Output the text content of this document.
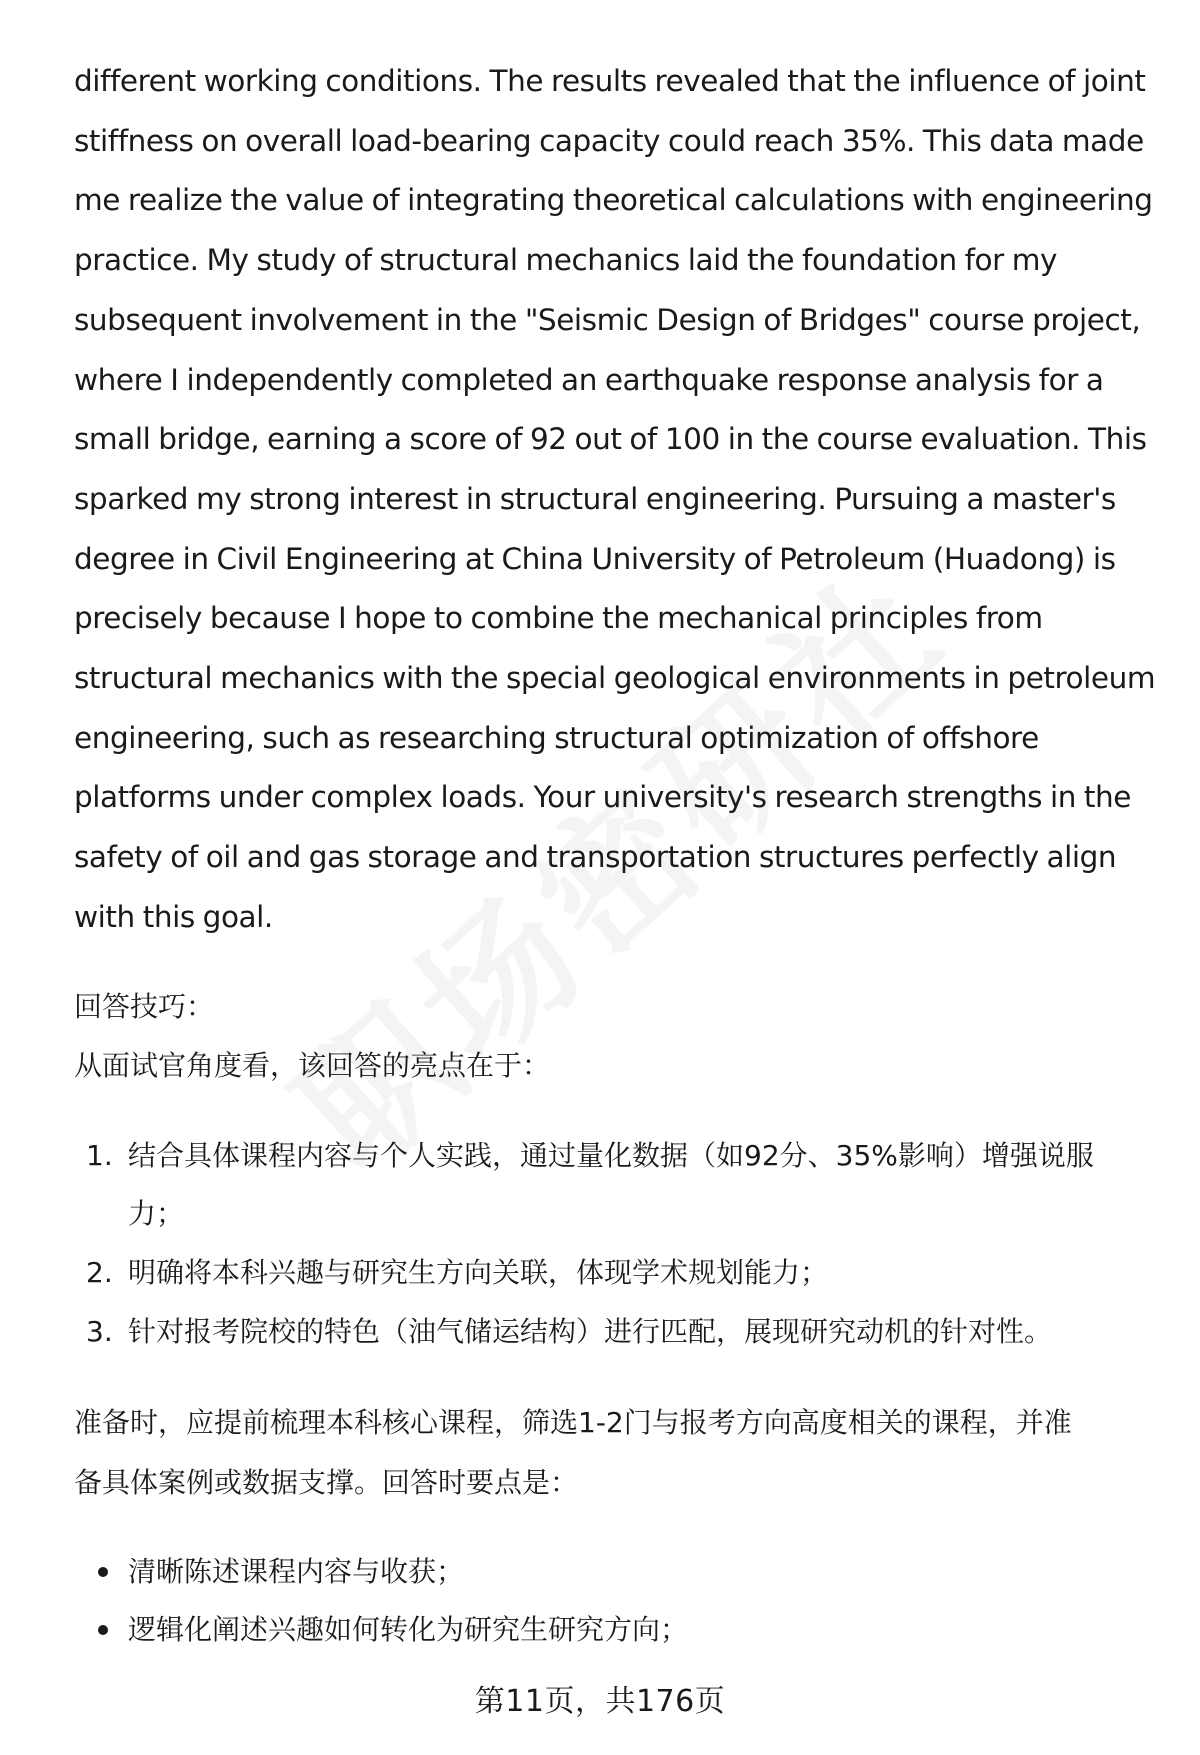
different working conditions. The results revealed that the influence of joint
stiffness on overall load-bearing capacity could reach 35%. This data made
me realize the value of integrating theoretical calculations with engineering
practice. My study of structural mechanics laid the foundation for my
subsequent involvement in the "Seismic Design of Bridges" course project,
where I independently completed an earthquake response analysis for a
small bridge, earning a score of 92 out of 100 in the course evaluation. This
sparked my strong interest in structural engineering. Pursuing a master's
degree in Civil Engineering at China University of Petroleum (Huadong) is
precisely because I hope to combine the mechanical principles from
structural mechanics with the special geological environments in petroleum
engineering, such as researching structural optimization of offshore
platforms under complex loads. Your university's research strengths in the
safety of oil and gas storage and transportation structures perfectly align
with this goal.

回答技巧：

从面试官角度看，该回答的亮点在于：

1. 结合具体课程内容与个人实践，通过量化数据（如92分、35%影响）增强说服
力；
2. 明确将本科兴趣与研究生方向关联，体现学术规划能力；
3. 针对报考院校的特色（油气储运结构）进行匹配，展现研究动机的针对性。

准备时，应提前梳理本科核心课程，筛选1-2门与报考方向高度相关的课程，并准
备具体案例或数据支撑。回答时要点是：

清晰陈述课程内容与收获；
逻辑化阐述兴趣如何转化为研究生研究方向；
第11页，共176页
